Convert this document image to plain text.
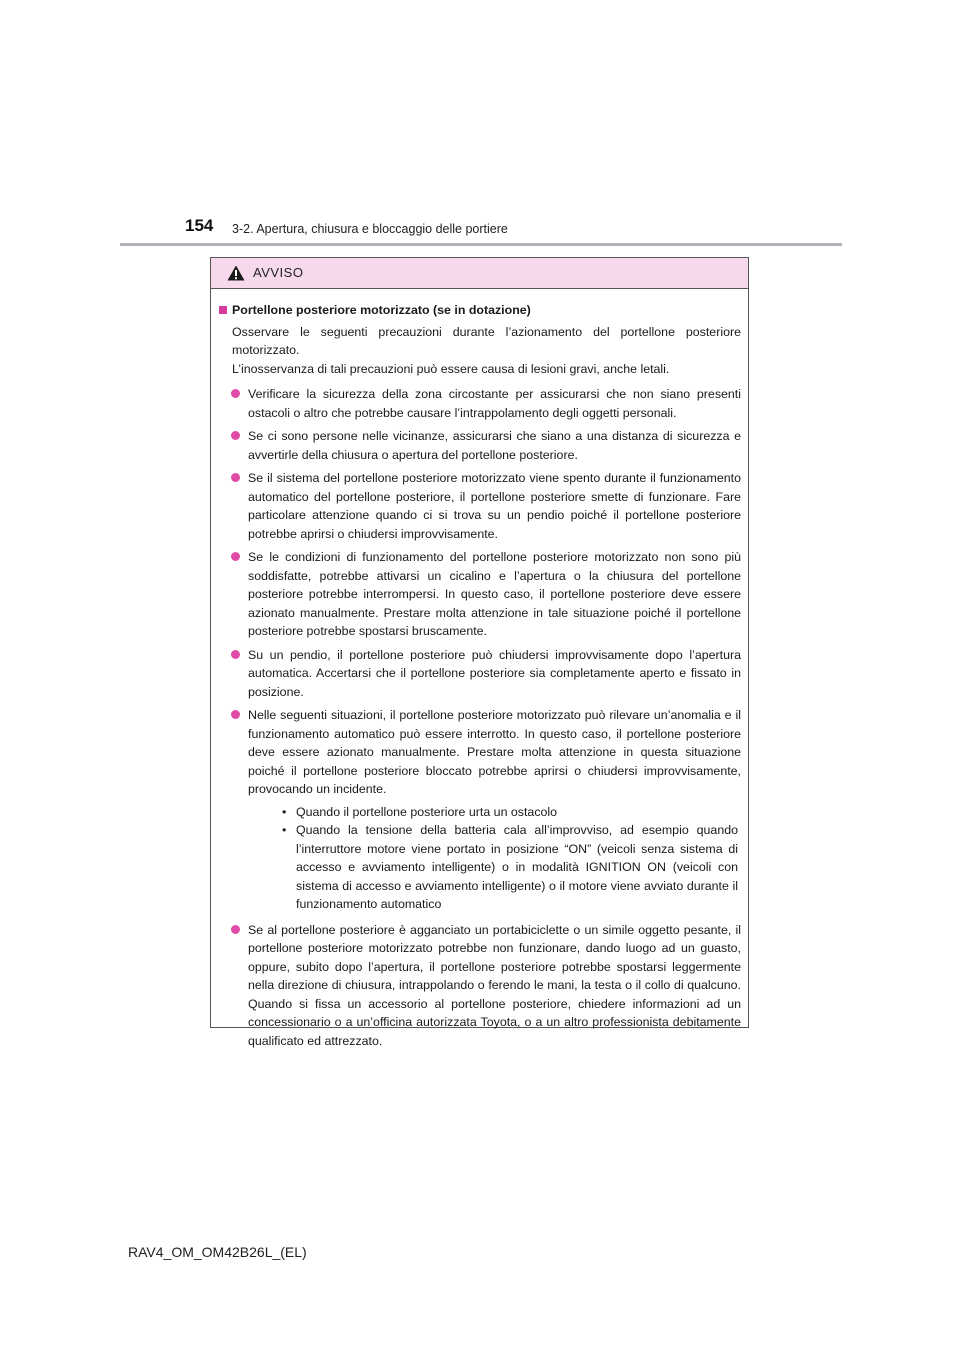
154 3-2. Apertura, chiusura e bloccaggio delle portiere
AVVISO
Portellone posteriore motorizzato (se in dotazione)
Osservare le seguenti precauzioni durante l’azionamento del portellone posteriore motorizzato.
L’inosservanza di tali precauzioni può essere causa di lesioni gravi, anche letali.
Verificare la sicurezza della zona circostante per assicurarsi che non siano presenti ostacoli o altro che potrebbe causare l’intrappolamento degli oggetti personali.
Se ci sono persone nelle vicinanze, assicurarsi che siano a una distanza di sicurezza e avvertirle della chiusura o apertura del portellone posteriore.
Se il sistema del portellone posteriore motorizzato viene spento durante il funzionamento automatico del portellone posteriore, il portellone posteriore smette di funzionare. Fare particolare attenzione quando ci si trova su un pendio poiché il portellone posteriore potrebbe aprirsi o chiudersi improvvisamente.
Se le condizioni di funzionamento del portellone posteriore motorizzato non sono più soddisfatte, potrebbe attivarsi un cicalino e l’apertura o la chiusura del portellone posteriore potrebbe interrompersi. In questo caso, il portellone posteriore deve essere azionato manualmente. Prestare molta attenzione in tale situazione poiché il portellone posteriore potrebbe spostarsi bruscamente.
Su un pendio, il portellone posteriore può chiudersi improvvisamente dopo l’apertura automatica. Accertarsi che il portellone posteriore sia completamente aperto e fissato in posizione.
Nelle seguenti situazioni, il portellone posteriore motorizzato può rilevare un’anomalia e il funzionamento automatico può essere interrotto. In questo caso, il portellone posteriore deve essere azionato manualmente. Prestare molta attenzione in questa situazione poiché il portellone posteriore bloccato potrebbe aprirsi o chiudersi improvvisamente, provocando un incidente.
• Quando il portellone posteriore urta un ostacolo
• Quando la tensione della batteria cala all’improvviso, ad esempio quando l’interruttore motore viene portato in posizione “ON” (veicoli senza sistema di accesso e avviamento intelligente) o in modalità IGNITION ON (veicoli con sistema di accesso e avviamento intelligente) o il motore viene avviato durante il funzionamento automatico
Se al portellone posteriore è agganciato un portabiciclette o un simile oggetto pesante, il portellone posteriore motorizzato potrebbe non funzionare, dando luogo ad un guasto, oppure, subito dopo l’apertura, il portellone posteriore potrebbe spostarsi leggermente nella direzione di chiusura, intrappolando o ferendo le mani, la testa o il collo di qualcuno. Quando si fissa un accessorio al portellone posteriore, chiedere informazioni ad un concessionario o a un’officina autorizzata Toyota, o a un altro professionista debitamente qualificato ed attrezzato.
RAV4_OM_OM42B26L_(EL)
